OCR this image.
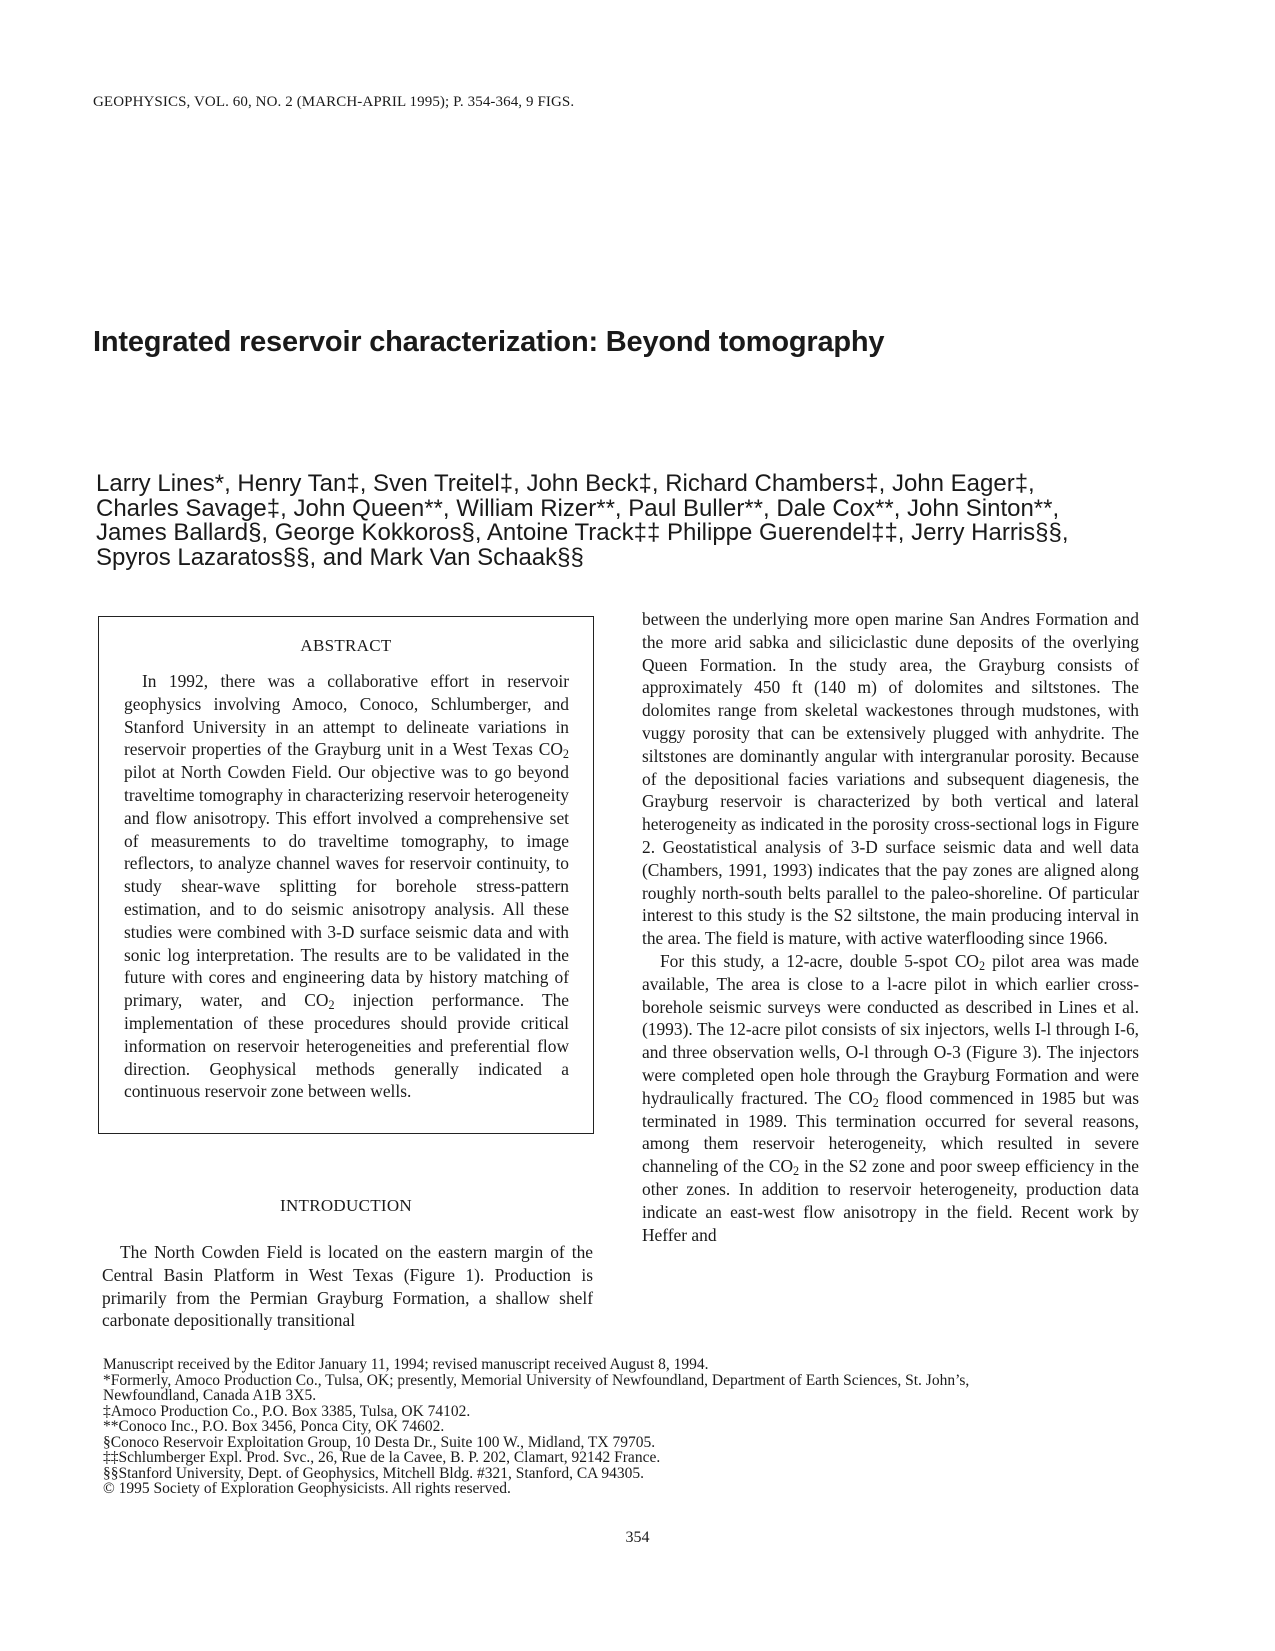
GEOPHYSICS, VOL. 60, NO. 2 (MARCH-APRIL 1995); P. 354-364, 9 FIGS.
Integrated reservoir characterization: Beyond tomography
Larry Lines*, Henry Tan‡, Sven Treitel‡, John Beck‡, Richard Chambers‡, John Eager‡,
Charles Savage‡, John Queen**, William Rizer**, Paul Buller**, Dale Cox**, John Sinton**,
James Ballard§, George Kokkoros§, Antoine Track‡‡ Philippe Guerendel‡‡, Jerry Harris§§,
Spyros Lazaratos§§, and Mark Van Schaak§§
ABSTRACT

In 1992, there was a collaborative effort in reservoir geophysics involving Amoco, Conoco, Schlumberger, and Stanford University in an attempt to delineate variations in reservoir properties of the Grayburg unit in a West Texas $CO_2$ pilot at North Cowden Field. Our objective was to go beyond traveltime tomography in characterizing reservoir heterogeneity and flow anisotropy. This effort involved a comprehensive set of measurements to do traveltime tomography, to image reflectors, to analyze channel waves for reservoir continuity, to study shear-wave splitting for borehole stress-pattern estimation, and to do seismic anisotropy analysis. All these studies were combined with 3-D surface seismic data and with sonic log interpretation. The results are to be validated in the future with cores and engineering data by history matching of primary, water, and $CO_2$ injection performance. The implementation of these procedures should provide critical information on reservoir heterogeneities and preferential flow direction. Geophysical methods generally indicated a continuous reservoir zone between wells.

INTRODUCTION

The North Cowden Field is located on the eastern margin of the Central Basin Platform in West Texas (Figure 1). Production is primarily from the Permian Grayburg Formation, a shallow shelf carbonate depositionally transitional

between the underlying more open marine San Andres Formation and the more arid sabka and siliciclastic dune deposits of the overlying Queen Formation. In the study area, the Grayburg consists of approximately 450 ft (140 m) of dolomites and siltstones. The dolomites range from skeletal wackestones through mudstones, with vuggy porosity that can be extensively plugged with anhydrite. The siltstones are dominantly angular with intergranular porosity. Because of the depositional facies variations and subsequent diagenesis, the Grayburg reservoir is characterized by both vertical and lateral heterogeneity as indicated in the porosity cross-sectional logs in Figure 2. Geostatistical analysis of 3-D surface seismic data and well data (Chambers, 1991, 1993) indicates that the pay zones are aligned along roughly north-south belts parallel to the paleo-shoreline. Of particular interest to this study is the S2 siltstone, the main producing interval in the area. The field is mature, with active waterflooding since 1966.

For this study, a 12-acre, double 5-spot $CO_2$ pilot area was made available, The area is close to a l-acre pilot in which earlier cross-borehole seismic surveys were conducted as described in Lines et al. (1993). The 12-acre pilot consists of six injectors, wells I-l through I-6, and three observation wells, O-l through O-3 (Figure 3). The injectors were completed open hole through the Grayburg Formation and were hydraulically fractured. The $CO_2$ flood commenced in 1985 but was terminated in 1989. This termination occurred for several reasons, among them reservoir heterogeneity, which resulted in severe channeling of the $CO_2$ in the S2 zone and poor sweep efficiency in the other zones. In addition to reservoir heterogeneity, production data indicate an east-west flow anisotropy in the field. Recent work by Heffer and

Manuscript received by the Editor January 11, 1994; revised manuscript received August 8, 1994.
*Formerly, Amoco Production Co., Tulsa, OK; presently, Memorial University of Newfoundland, Department of Earth Sciences, St. John’s,
Newfoundland, Canada A1B 3X5.
‡Amoco Production Co., P.O. Box 3385, Tulsa, OK 74102.
**Conoco Inc., P.O. Box 3456, Ponca City, OK 74602.
§Conoco Reservoir Exploitation Group, 10 Desta Dr., Suite 100 W., Midland, TX 79705.
‡‡Schlumberger Expl. Prod. Svc., 26, Rue de la Cavee, B. P. 202, Clamart, 92142 France.
§§Stanford University, Dept. of Geophysics, Mitchell Bldg. #321, Stanford, CA 94305.
© 1995 Society of Exploration Geophysicists. All rights reserved.
354
